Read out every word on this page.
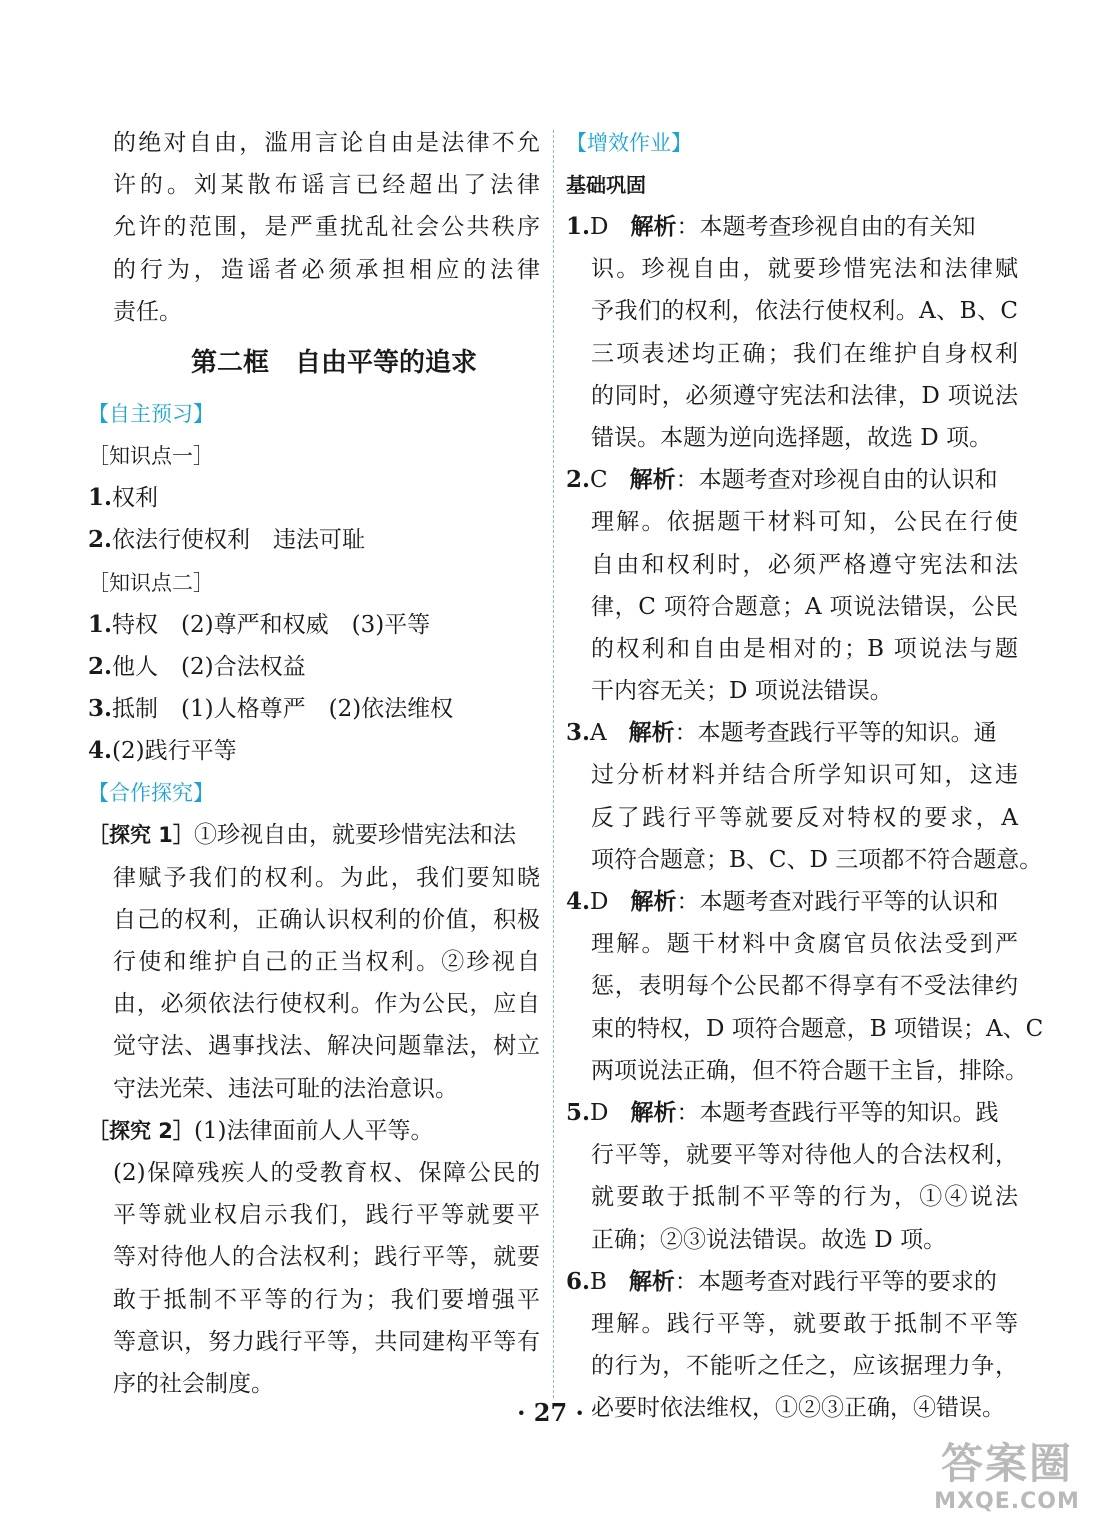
的绝对自由，滥用言论自由是法律不允
许的。刘某散布谣言已经超出了法律
允许的范围，是严重扰乱社会公共秩序
的行为，造谣者必须承担相应的法律
责任。
第二框　自由平等的追求
【自主预习】
［知识点一］
1.权利
2.依法行使权利　违法可耻
［知识点二］
1.特权　(2)尊严和权威　(3)平等
2.他人　(2)合法权益
3.抵制　(1)人格尊严　(2)依法维权
4.(2)践行平等
【合作探究】
［探究 1］①珍视自由，就要珍惜宪法和法
律赋予我们的权利。为此，我们要知晓
自己的权利，正确认识权利的价值，积极
行使和维护自己的正当权利。②珍视自
由，必须依法行使权利。作为公民，应自
觉守法、遇事找法、解决问题靠法，树立
守法光荣、违法可耻的法治意识。
［探究 2］(1)法律面前人人平等。
(2)保障残疾人的受教育权、保障公民的
平等就业权启示我们，践行平等就要平
等对待他人的合法权利；践行平等，就要
敢于抵制不平等的行为；我们要增强平
等意识，努力践行平等，共同建构平等有
序的社会制度。
【增效作业】
基础巩固
1.D 解析：本题考查珍视自由的有关知
识。珍视自由，就要珍惜宪法和法律赋
予我们的权利，依法行使权利。A、B、C
三项表述均正确；我们在维护自身权利
的同时，必须遵守宪法和法律，D 项说法
错误。本题为逆向选择题，故选 D 项。
2.C 解析：本题考查对珍视自由的认识和
理解。依据题干材料可知，公民在行使
自由和权利时，必须严格遵守宪法和法
律，C 项符合题意；A 项说法错误，公民
的权利和自由是相对的；B 项说法与题
干内容无关；D 项说法错误。
3.A 解析：本题考查践行平等的知识。通
过分析材料并结合所学知识可知，这违
反了践行平等就要反对特权的要求，A
项符合题意；B、C、D 三项都不符合题意。
4.D 解析：本题考查对践行平等的认识和
理解。题干材料中贪腐官员依法受到严
惩，表明每个公民都不得享有不受法律约
束的特权，D 项符合题意，B 项错误；A、C
两项说法正确，但不符合题干主旨，排除。
5.D 解析：本题考查践行平等的知识。践
行平等，就要平等对待他人的合法权利，
就要敢于抵制不平等的行为，①④说法
正确；②③说法错误。故选 D 项。
6.B 解析：本题考查对践行平等的要求的
理解。践行平等，就要敢于抵制不平等
的行为，不能听之任之，应该据理力争，
必要时依法维权，①②③正确，④错误。
· 27 ·
答案圈
MXQE.COM
